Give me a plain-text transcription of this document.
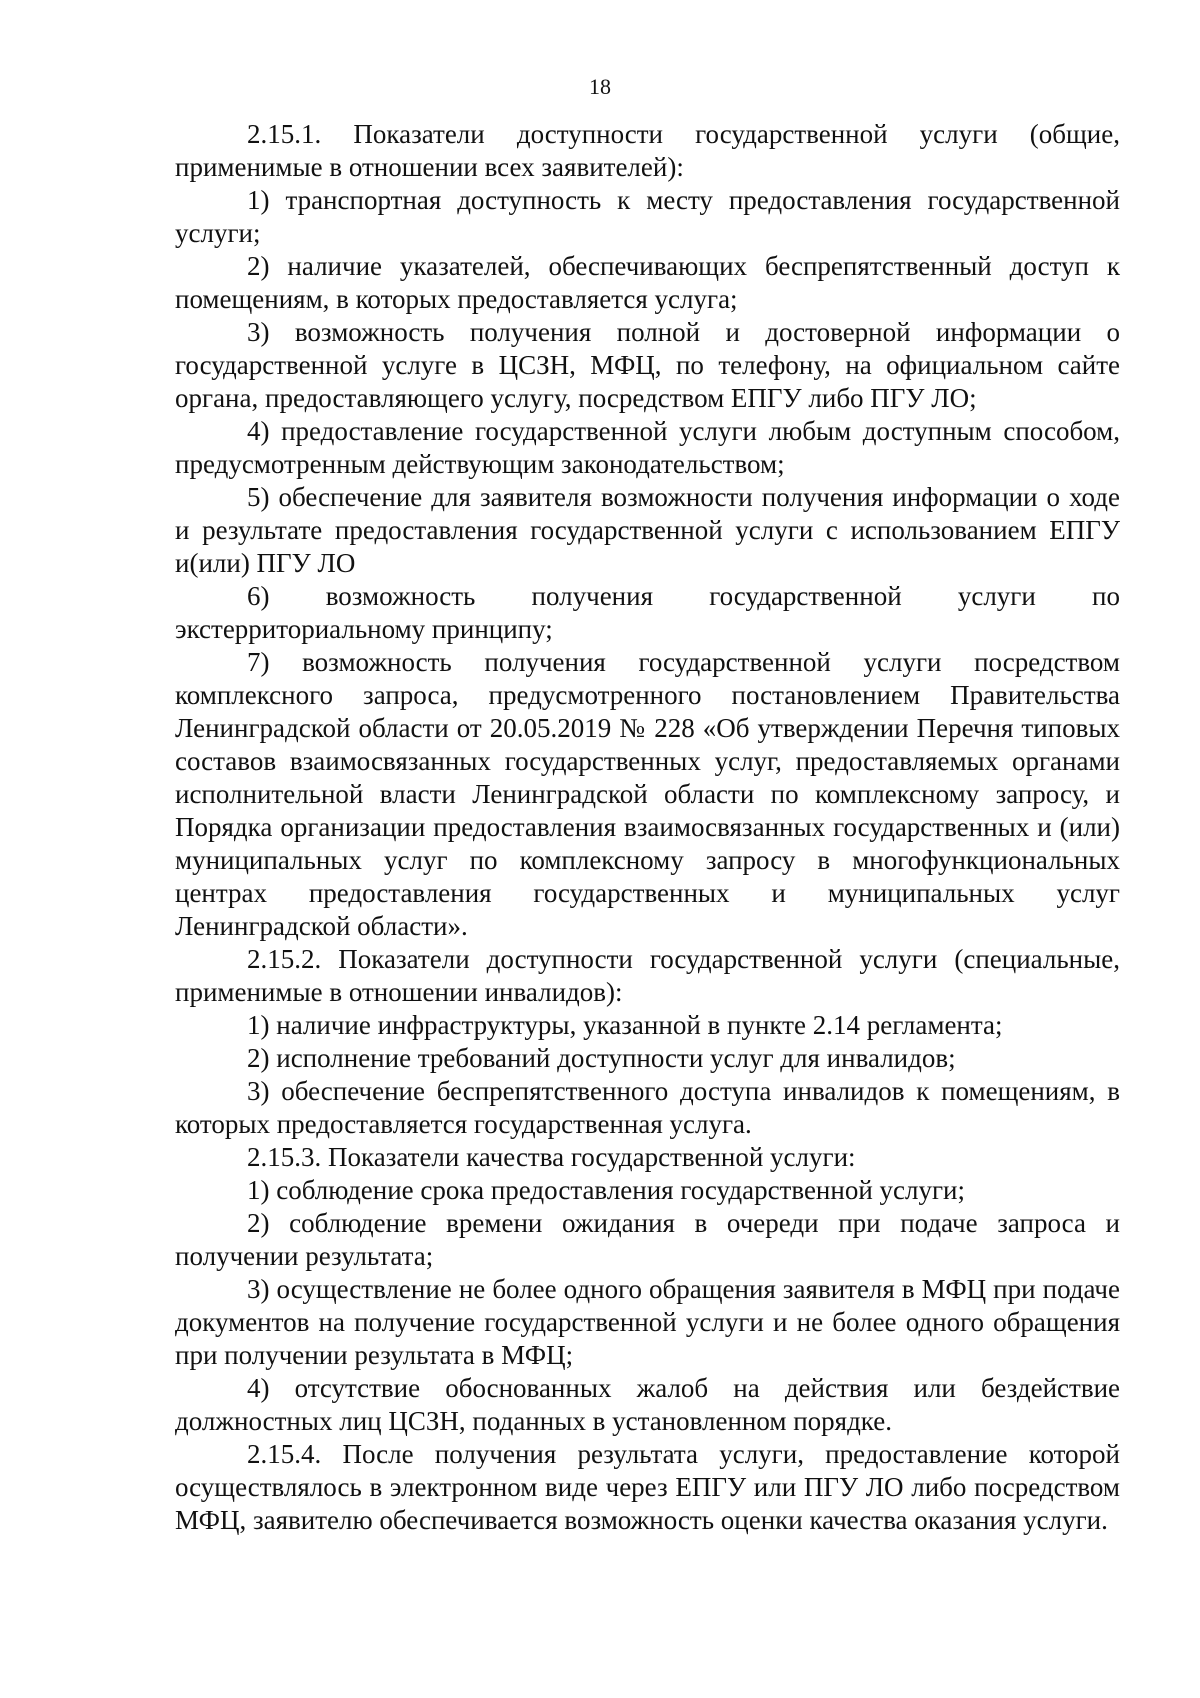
18

2.15.1. Показатели доступности государственной услуги (общие, применимые в отношении всех заявителей):

1) транспортная доступность к месту предоставления государственной услуги;

2) наличие указателей, обеспечивающих беспрепятственный доступ к помещениям, в которых предоставляется услуга;

3) возможность получения полной и достоверной информации о государственной услуге в ЦСЗН, МФЦ, по телефону, на официальном сайте органа, предоставляющего услугу, посредством ЕПГУ либо ПГУ ЛО;

4) предоставление государственной услуги любым доступным способом, предусмотренным действующим законодательством;

5) обеспечение для заявителя возможности получения информации о ходе и результате предоставления государственной услуги с использованием ЕПГУ и(или) ПГУ ЛО

6) возможность получения государственной услуги по экстерриториальному принципу;

7) возможность получения государственной услуги посредством комплексного запроса, предусмотренного постановлением Правительства Ленинградской области от 20.05.2019 № 228 «Об утверждении Перечня типовых составов взаимосвязанных государственных услуг, предоставляемых органами исполнительной власти Ленинградской области по комплексному запросу, и Порядка организации предоставления взаимосвязанных государственных и (или) муниципальных услуг по комплексному запросу в многофункциональных центрах предоставления государственных и муниципальных услуг Ленинградской области».

2.15.2. Показатели доступности государственной услуги (специальные, применимые в отношении инвалидов):

1) наличие инфраструктуры, указанной в пункте 2.14 регламента;

2) исполнение требований доступности услуг для инвалидов;

3) обеспечение беспрепятственного доступа инвалидов к помещениям, в которых предоставляется государственная услуга.

2.15.3. Показатели качества государственной услуги:

1) соблюдение срока предоставления государственной услуги;

2) соблюдение времени ожидания в очереди при подаче запроса и получении результата;

3) осуществление не более одного обращения заявителя в МФЦ при подаче документов на получение государственной услуги и не более одного обращения при получении результата в МФЦ;

4) отсутствие обоснованных жалоб на действия или бездействие должностных лиц ЦСЗН, поданных в установленном порядке.

2.15.4. После получения результата услуги, предоставление которой осуществлялось в электронном виде через ЕПГУ или ПГУ ЛО либо посредством МФЦ, заявителю обеспечивается возможность оценки качества оказания услуги.
